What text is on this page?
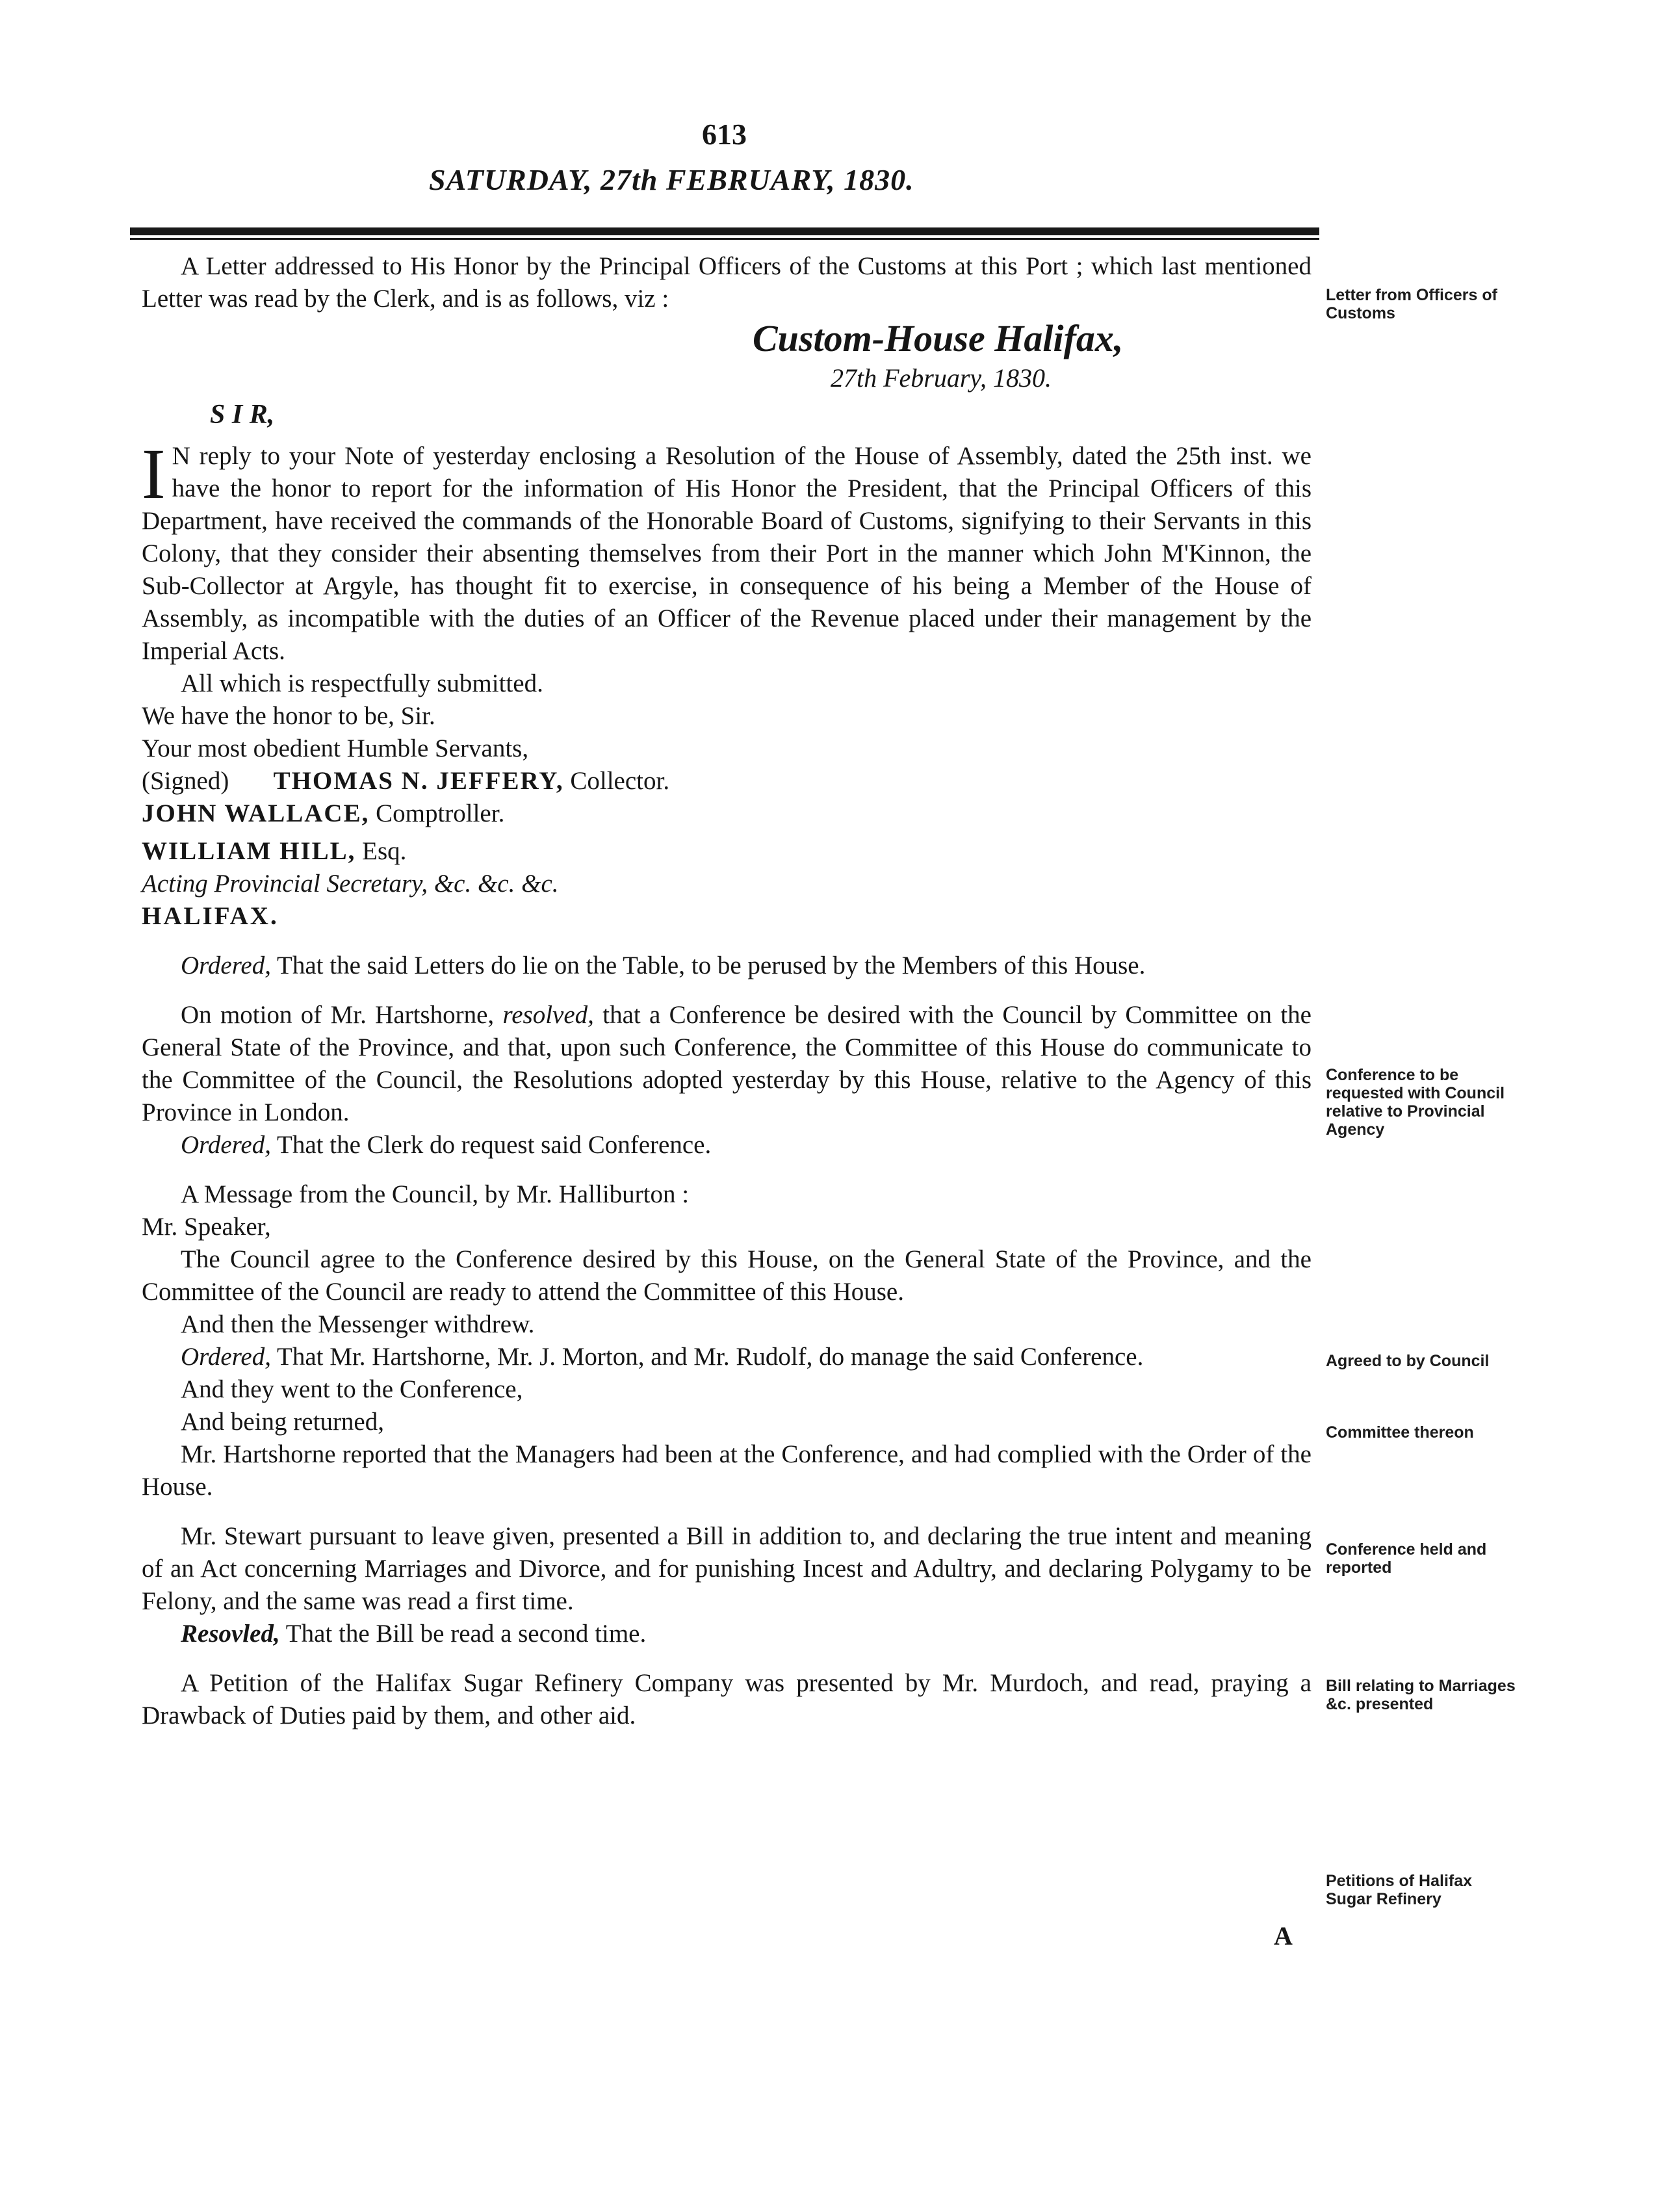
613
SATURDAY, 27th FEBRUARY, 1830.

A Letter addressed to His Honor by the Principal Officers of the Customs at this Port ; which last mentioned Letter was read by the Clerk, and is as follows, viz :

Custom-House Halifax,
27th February, 1830.
S I R,

I N reply to your Note of yesterday enclosing a Resolution of the House of Assembly, dated the 25th inst. we have the honor to report for the information of His Honor the President, that the Principal Officers of this Department, have received the commands of the Honorable Board of Customs, signifying to their Servants in this Colony, that they consider their absenting themselves from their Port in the manner which John M'Kinnon, the Sub-Collector at Argyle, has thought fit to exercise, in consequence of his being a Member of the House of Assembly, as incompatible with the duties of an Officer of the Revenue placed under their management by the Imperial Acts.

All which is respectfully submitted.

We have the honor to be, Sir.

Your most obedient Humble Servants,

(Signed) THOMAS N. JEFFERY, Collector.

JOHN WALLACE, Comptroller.

WILLIAM HILL, Esq.

Acting Provincial Secretary, &c. &c. &c.

HALIFAX.

Ordered, That the said Letters do lie on the Table, to be perused by the Members of this House.

On motion of Mr. Hartshorne, resolved, that a Conference be desired with the Council by Committee on the General State of the Province, and that, upon such Conference, the Committee of this House do communicate to the Committee of the Council, the Resolutions adopted yesterday by this House, relative to the Agency of this Province in London.

Ordered, That the Clerk do request said Conference.

A Message from the Council, by Mr. Halliburton :

Mr. Speaker,

The Council agree to the Conference desired by this House, on the General State of the Province, and the Committee of the Council are ready to attend the Committee of this House.

And then the Messenger withdrew.

Ordered, That Mr. Hartshorne, Mr. J. Morton, and Mr. Rudolf, do manage the said Conference.

And they went to the Conference,

And being returned,

Mr. Hartshorne reported that the Managers had been at the Conference, and had complied with the Order of the House.

Mr. Stewart pursuant to leave given, presented a Bill in addition to, and declaring the true intent and meaning of an Act concerning Marriages and Divorce, and for punishing Incest and Adultry, and declaring Polygamy to be Felony, and the same was read a first time.

Resovled, That the Bill be read a second time.

A Petition of the Halifax Sugar Refinery Company was presented by Mr. Murdoch, and read, praying a Drawback of Duties paid by them, and other aid.

Letter from Officers of Customs
Conference to be requested with Council relative to Provincial Agency
Agreed to by Council
Committee thereon
Conference held and reported
Bill relating to Marriages &c. presented
Petitions of Halifax Sugar Refinery
A
